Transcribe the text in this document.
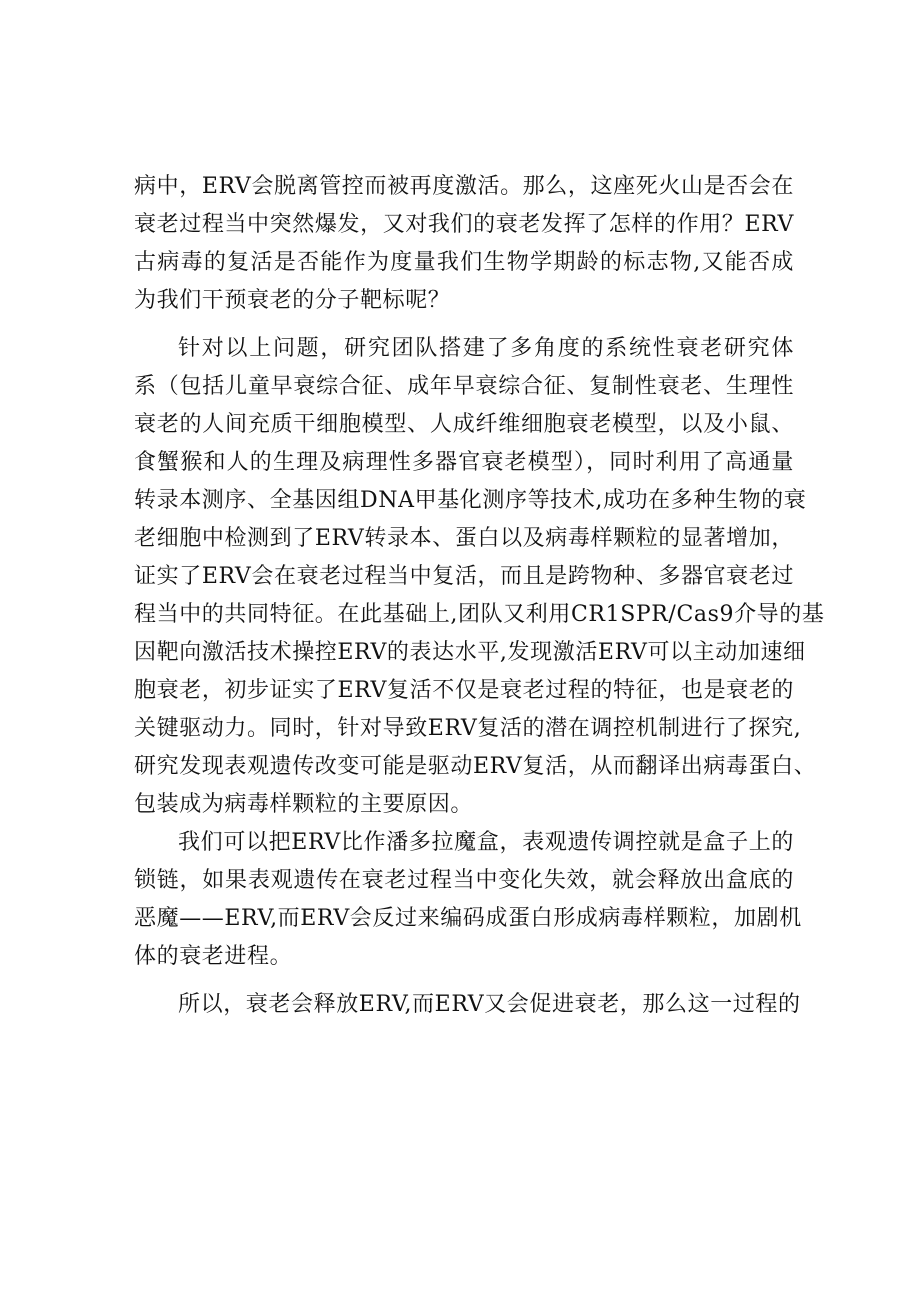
病中，ERV会脱离管控而被再度激活。那么，这座死火山是否会在
衰老过程当中突然爆发，又对我们的衰老发挥了怎样的作用？ERV
古病毒的复活是否能作为度量我们生物学期龄的标志物,又能否成
为我们干预衰老的分子靶标呢？
针对以上问题，研究团队搭建了多角度的系统性衰老研究体
系（包括儿童早衰综合征、成年早衰综合征、复制性衰老、生理性
衰老的人间充质干细胞模型、人成纤维细胞衰老模型，以及小鼠、
食蟹猴和人的生理及病理性多器官衰老模型），同时利用了高通量
转录本测序、全基因组DNA甲基化测序等技术,成功在多种生物的衰
老细胞中检测到了ERV转录本、蛋白以及病毒样颗粒的显著增加，
证实了ERV会在衰老过程当中复活，而且是跨物种、多器官衰老过
程当中的共同特征。在此基础上,团队又利用CR1SPR/Cas9介导的基
因靶向激活技术操控ERV的表达水平,发现激活ERV可以主动加速细
胞衰老，初步证实了ERV复活不仅是衰老过程的特征，也是衰老的
关键驱动力。同时，针对导致ERV复活的潜在调控机制进行了探究,
研究发现表观遗传改变可能是驱动ERV复活，从而翻译出病毒蛋白、
包装成为病毒样颗粒的主要原因。
我们可以把ERV比作潘多拉魔盒，表观遗传调控就是盒子上的
锁链，如果表观遗传在衰老过程当中变化失效，就会释放出盒底的
恶魔——ERV,而ERV会反过来编码成蛋白形成病毒样颗粒，加剧机
体的衰老进程。
所以，衰老会释放ERV,而ERV又会促进衰老，那么这一过程的
